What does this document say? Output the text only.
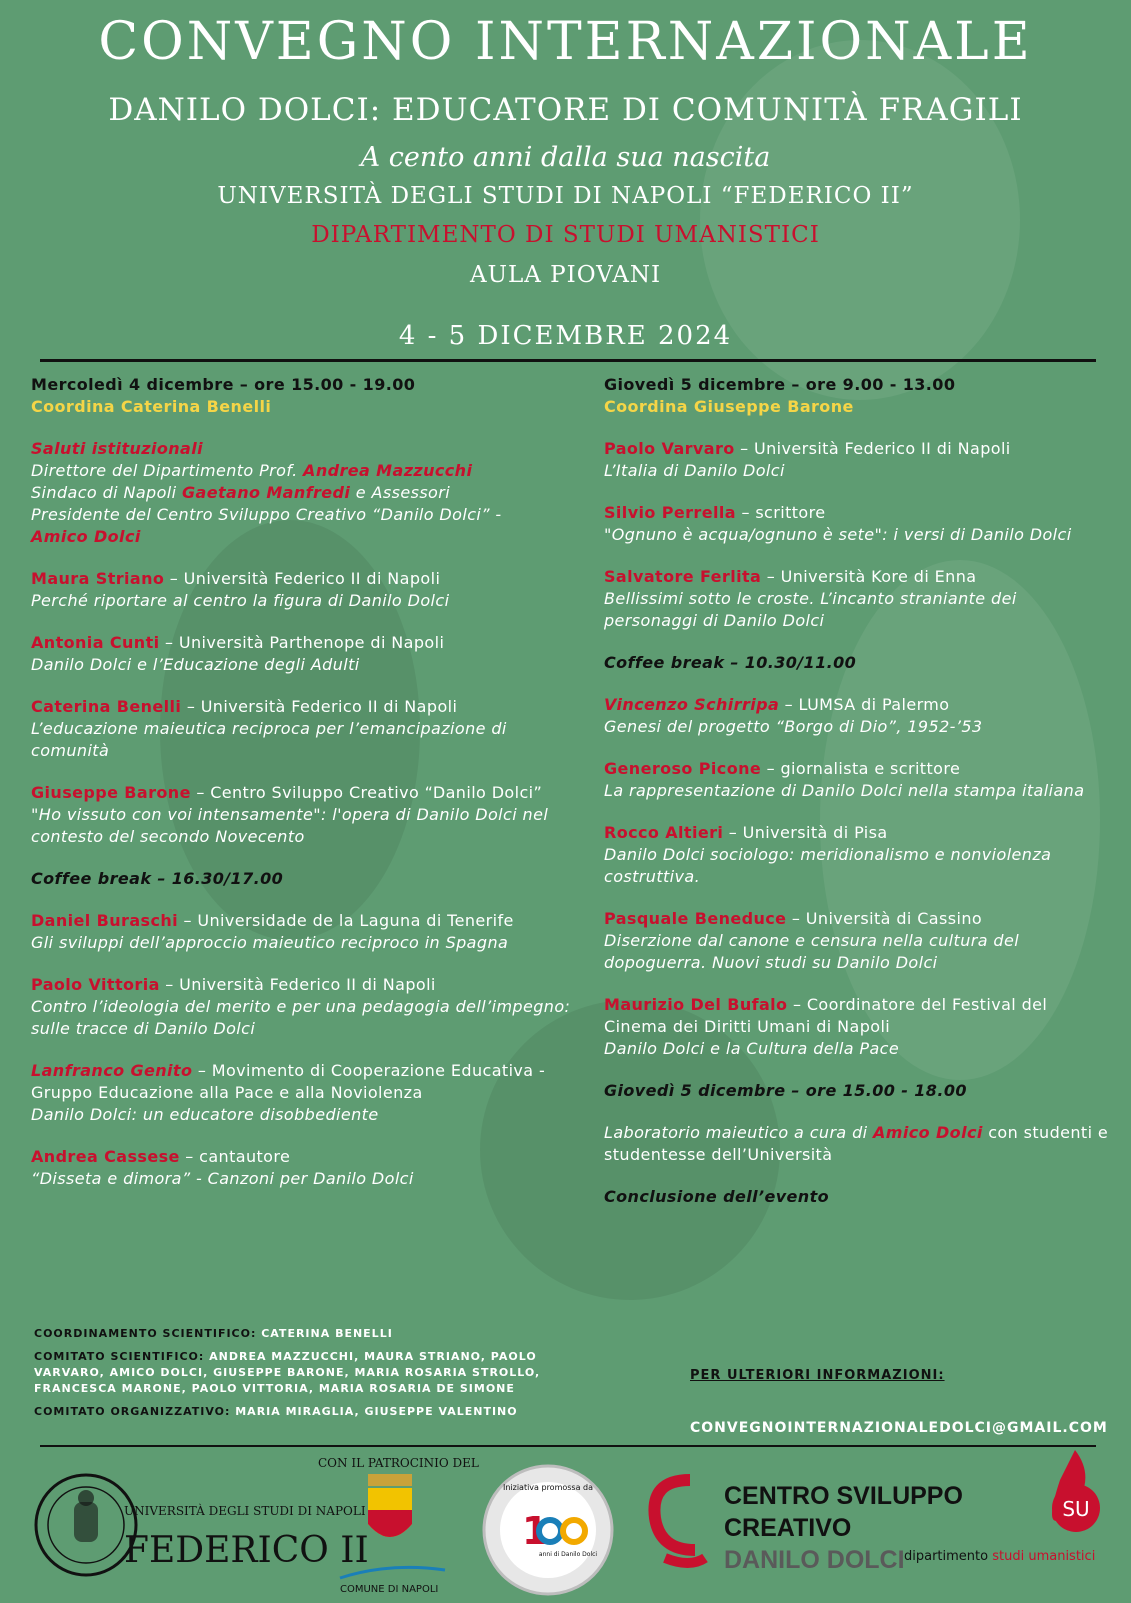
CONVEGNO INTERNAZIONALE
DANILO DOLCI: EDUCATORE DI COMUNITÀ FRAGILI
A cento anni dalla sua nascita
UNIVERSITÀ DEGLI STUDI DI NAPOLI “FEDERICO II”
DIPARTIMENTO DI STUDI UMANISTICI
AULA PIOVANI
4 - 5 DICEMBRE 2024
Mercoledì 4 dicembre – ore 15.00 - 19.00
Coordina Caterina Benelli
Saluti istituzionali
Direttore del Dipartimento Prof. Andrea Mazzucchi
Sindaco di Napoli Gaetano Manfredi e Assessori
Presidente del Centro Sviluppo Creativo “Danilo Dolci” -
Amico Dolci
Maura Striano – Università Federico II di Napoli
Perché riportare al centro la figura di Danilo Dolci
Antonia Cunti – Università Parthenope di Napoli
Danilo Dolci e l’Educazione degli Adulti
Caterina Benelli – Università Federico II di Napoli
L’educazione maieutica reciproca per l’emancipazione di comunità
Giuseppe Barone – Centro Sviluppo Creativo “Danilo Dolci”
"Ho vissuto con voi intensamente": l'opera di Danilo Dolci nel contesto del secondo Novecento
Coffee break – 16.30/17.00
Daniel Buraschi – Universidade de la Laguna di Tenerife
Gli sviluppi dell’approccio maieutico reciproco in Spagna
Paolo Vittoria – Università Federico II di Napoli
Contro l’ideologia del merito e per una pedagogia dell’impegno: sulle tracce di Danilo Dolci
Lanfranco Genito – Movimento di Cooperazione Educativa - Gruppo Educazione alla Pace e alla Noviolenza
Danilo Dolci: un educatore disobbediente
Andrea Cassese – cantautore
“Disseta e dimora” - Canzoni per Danilo Dolci
Giovedì 5 dicembre – ore 9.00 - 13.00
Coordina Giuseppe Barone
Paolo Varvaro – Università Federico II di Napoli
L’Italia di Danilo Dolci
Silvio Perrella – scrittore
"Ognuno è acqua/ognuno è sete": i versi di Danilo Dolci
Salvatore Ferlita – Università Kore di Enna
Bellissimi sotto le croste. L’incanto straniante dei personaggi di Danilo Dolci
Coffee break – 10.30/11.00
Vincenzo Schirripa – LUMSA di Palermo
Genesi del progetto “Borgo di Dio”, 1952-’53
Generoso Picone – giornalista e scrittore
La rappresentazione di Danilo Dolci nella stampa italiana
Rocco Altieri – Università di Pisa
Danilo Dolci sociologo: meridionalismo e nonviolenza costruttiva.
Pasquale Beneduce – Università di Cassino
Diserzione dal canone e censura nella cultura del dopoguerra. Nuovi studi su Danilo Dolci
Maurizio Del Bufalo – Coordinatore del Festival del Cinema dei Diritti Umani di Napoli
Danilo Dolci e la Cultura della Pace
Giovedì 5 dicembre – ore 15.00 - 18.00
Laboratorio maieutico a cura di Amico Dolci con studenti e studentesse dell’Università
Conclusione dell’evento

COORDINAMENTO SCIENTIFICO: CATERINA BENELLI

COMITATO SCIENTIFICO: ANDREA MAZZUCCHI, MAURA STRIANO, PAOLO VARVARO, AMICO DOLCI, GIUSEPPE BARONE, MARIA ROSARIA STROLLO, FRANCESCA MARONE, PAOLO VITTORIA, MARIA ROSARIA DE SIMONE

COMITATO ORGANIZZATIVO: MARIA MIRAGLIA, GIUSEPPE VALENTINO

PER ULTERIORI INFORMAZIONI:
CONVEGNOINTERNAZIONALEDOLCI@GMAIL.COM
UNIVERSITÀ DEGLI STUDI DI NAPOLI
FEDERICO II
COMUNE DI NAPOLI
Iniziativa promossa da
1
anni di Danilo Dolci
CENTRO SVILUPPO
CREATIVO
DANILO DOLCI
SU
dipartimento studi umanistici
CON IL PATROCINIO DEL
